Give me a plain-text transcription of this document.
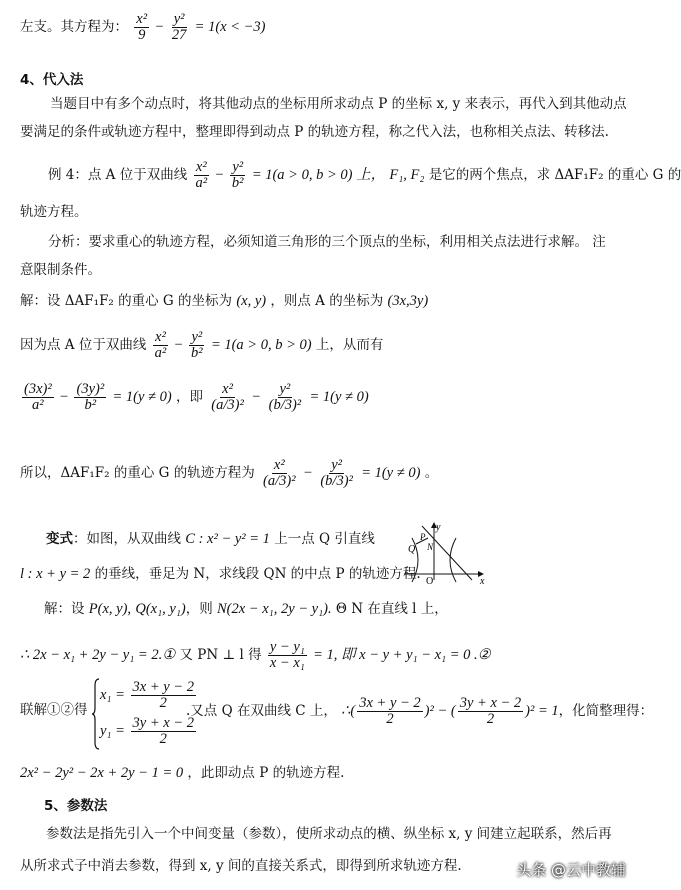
左支。其方程为： $\frac{\text{x²}}{9} - \frac{\text{y²}}{27} = 1(x < -3)$
4、代入法
当题目中有多个动点时，将其他动点的坐标用所求动点 P 的坐标 x, y 来表示，再代入到其他动点
要满足的条件或轨迹方程中，整理即得到动点 P 的轨迹方程，称之代入法，也称相关点法、转移法.
例 4：点 A 位于双曲线 $\frac{\text{x²}}{\text{a²}} - \frac{\text{y²}}{\text{b²}} = 1(a > 0$, b > 0) 上， F₁, F₂ 是它的两个焦点，求 ΔAF₁F₂ 的重心 G 的
轨迹方程。
分析：要求重心的轨迹方程，必须知道三角形的三个顶点的坐标，利用相关点法进行求解。 注
意限制条件。
解：设 ΔAF₁F₂ 的重心 G 的坐标为 (x, y) ，则点 A 的坐标为 (3x,3y)
因为点 A 位于双曲线 $\frac{\text{x²}}{\text{a²}} - \frac{\text{y²}}{\text{b²}} = 1(a > 0$, b > 0) 上，从而有
$\frac{\text{(3x)²}}{\text{a²}} - \frac{\text{(3y)²}}{\text{b²}} = 1(y \ne 0)$ ，即 $\frac{\text{x²}}{\text{(a/3)²}} - \frac{\text{y²}}{\text{(b/3)²}} = 1(y \ne 0)$
所以，ΔAF₁F₂ 的重心 G 的轨迹方程为 $\frac{\text{x²}}{\text{(a/3)²}} - \frac{\text{y²}}{\text{(b/3)²}} = 1(y \ne 0)$ 。
变式：如图，从双曲线 C : x² − y² = 1 上一点 Q 引直线
l : x + y = 2 的垂线，垂足为 N，求线段 QN 的中点 P 的轨迹方程.
y
x
O
Q
P
N
解：设 P(x, y), Q(x₁, y₁)，则 N(2x − x₁, 2y − y₁). Θ N 在直线 l 上，
∴ 2x − x₁ + 2y − y₁ = 2.① 又 PN ⊥ l 得 $\frac{\text{y − y₁}}{\text{x − x₁}} = 1$, 即 x − y + y₁ − x₁ = 0 .②
联解①②得
$x_1 = \frac{3x + y - 2}{2}$
$y_1 = \frac{3y + x - 2}{2}$
.又点 Q 在双曲线 C 上， ∴( $\frac{3x + y - 2}{2} )^2$ − ( $\frac{3y + x - 2}{2} )^2 = 1$，化简整理得：
2x² − 2y² − 2x + 2y − 1 = 0 ，此即动点 P 的轨迹方程.
5、参数法
参数法是指先引入一个中间变量（参数），使所求动点的横、纵坐标 x, y 间建立起联系，然后再
从所求式子中消去参数，得到 x, y 间的直接关系式，即得到所求轨迹方程.	头条 @云中教辅
